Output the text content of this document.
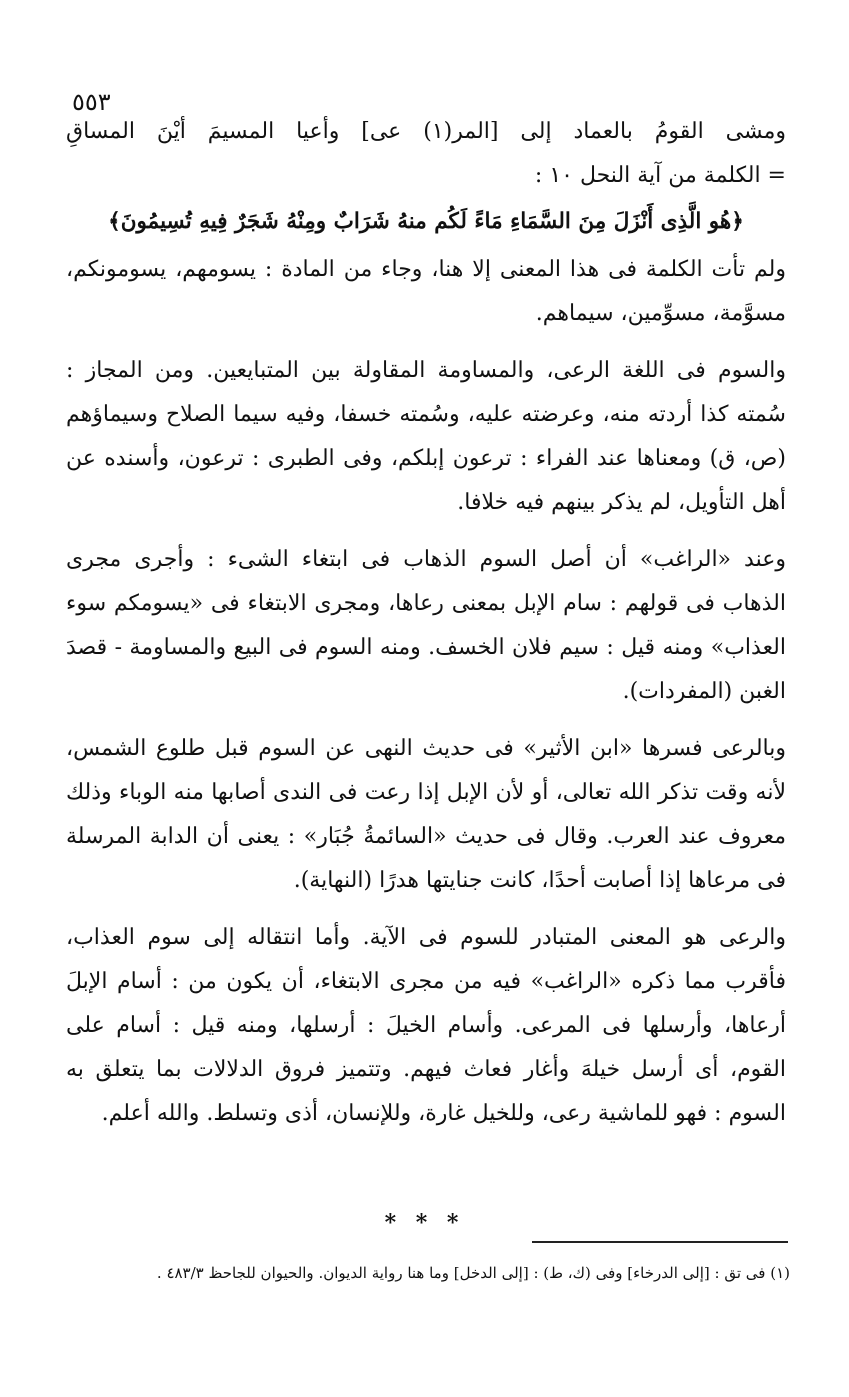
٥٥٣

ومشى القومُ بالعماد إلى [المر(١) عى] وأعيا المسيمَ أيْنَ المساقِ

= الكلمة من آية النحل ١٠ :

﴿هُو الَّذِى أَنْزَلَ مِنَ السَّمَاءِ مَاءً لَكُم منهُ شَرَابٌ ومِنْهُ شَجَرٌ فِيهِ تُسِيمُونَ﴾

ولم تأت الكلمة فى هذا المعنى إلا هنا، وجاء من المادة : يسومهم، يسومونكم، مسوَّمة، مسوِّمين، سيماهم.

والسوم فى اللغة الرعى، والمساومة المقاولة بين المتبايعين. ومن المجاز : سُمته كذا أردته منه، وعرضته عليه، وسُمته خسفا، وفيه سيما الصلاح وسيماؤهم (ص، ق) ومعناها عند الفراء : ترعون إبلكم، وفى الطبرى : ترعون، وأسنده عن أهل التأويل، لم يذكر بينهم فيه خلافا.

وعند «الراغب» أن أصل السوم الذهاب فى ابتغاء الشىء : وأجرى مجرى الذهاب فى قولهم : سام الإبل بمعنى رعاها، ومجرى الابتغاء فى «يسومكم سوء العذاب» ومنه قيل : سيم فلان الخسف. ومنه السوم فى البيع والمساومة - قصدَ الغبن (المفردات).

وبالرعى فسرها «ابن الأثير» فى حديث النهى عن السوم قبل طلوع الشمس، لأنه وقت تذكر الله تعالى، أو لأن الإبل إذا رعت فى الندى أصابها منه الوباء وذلك معروف عند العرب. وقال فى حديث «السائمةُ جُبَار» : يعنى أن الدابة المرسلة فى مرعاها إذا أصابت أحدًا، كانت جنايتها هدرًا (النهاية).

والرعى هو المعنى المتبادر للسوم فى الآية. وأما انتقاله إلى سوم العذاب، فأقرب مما ذكره «الراغب» فيه من مجرى الابتغاء، أن يكون من : أسام الإبلَ أرعاها، وأرسلها فى المرعى. وأسام الخيلَ : أرسلها، ومنه قيل : أسام على القوم، أى أرسل خيلهَ وأغار فعاث فيهم. وتتميز فروق الدلالات بما يتعلق به السوم : فهو للماشية رعى، وللخيل غارة، وللإنسان، أذى وتسلط. والله أعلم.

* * *
(١) فى تق : [إلى الدرخاء] وفى (ك، ط) : [إلى الدخل] وما هنا رواية الديوان. والحيوان للجاحظ ٤٨٣/٣ .
